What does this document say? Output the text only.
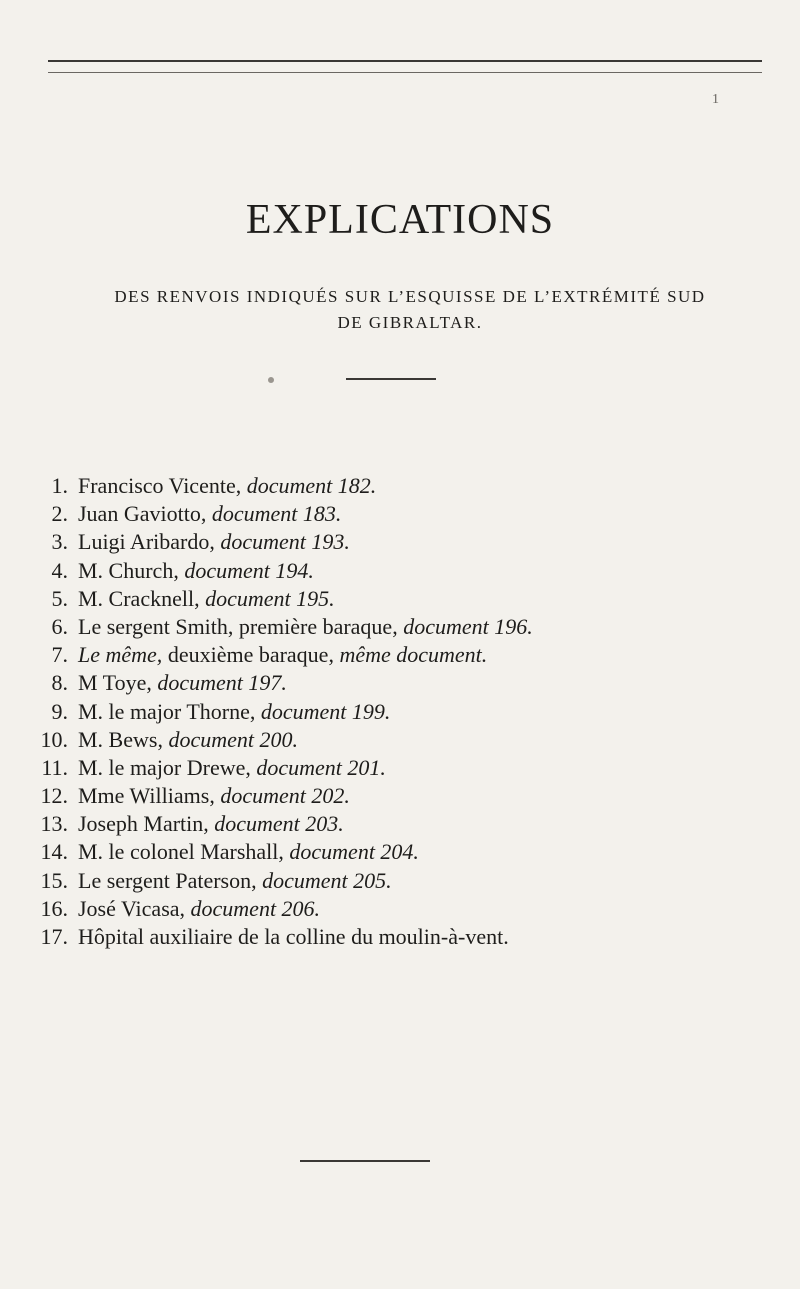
1
EXPLICATIONS
DES RENVOIS INDIQUÉS SUR L’ESQUISSE DE L’EXTRÉMITÉ SUD
DE GIBRALTAR.
1. Francisco Vicente, document 182.
2. Juan Gaviotto, document 183.
3. Luigi Aribardo, document 193.
4. M. Church, document 194.
5. M. Cracknell, document 195.
6. Le sergent Smith, première baraque, document 196.
7. Le même, deuxième baraque, même document.
8. M Toye, document 197.
9. M. le major Thorne, document 199.
10. M. Bews, document 200.
11. M. le major Drewe, document 201.
12. Mme Williams, document 202.
13. Joseph Martin, document 203.
14. M. le colonel Marshall, document 204.
15. Le sergent Paterson, document 205.
16. José Vicasa, document 206.
17. Hôpital auxiliaire de la colline du moulin-à-vent.
